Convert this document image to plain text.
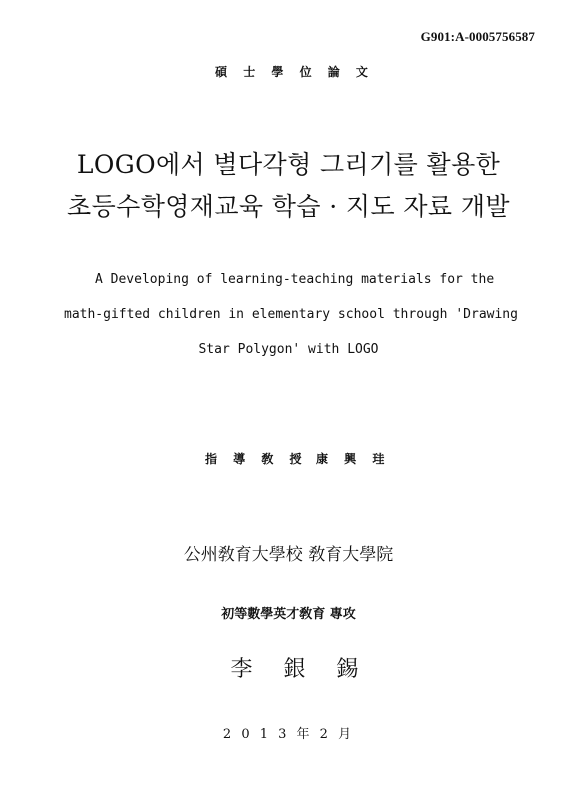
G901:A-0005756587
碩 士 學 位 論 文
LOGO에서 별다각형 그리기를 활용한
초등수학영재교육 학습 · 지도 자료 개발
A Developing of learning-teaching materials for the
math-gifted children in elementary school through 'Drawing
Star Polygon' with LOGO
指 導 敎 授 康 興 珪
公州敎育大學校 敎育大學院
初等數學英才敎育 專攻
李 銀 錫
2 0 1 3 年 2 月
